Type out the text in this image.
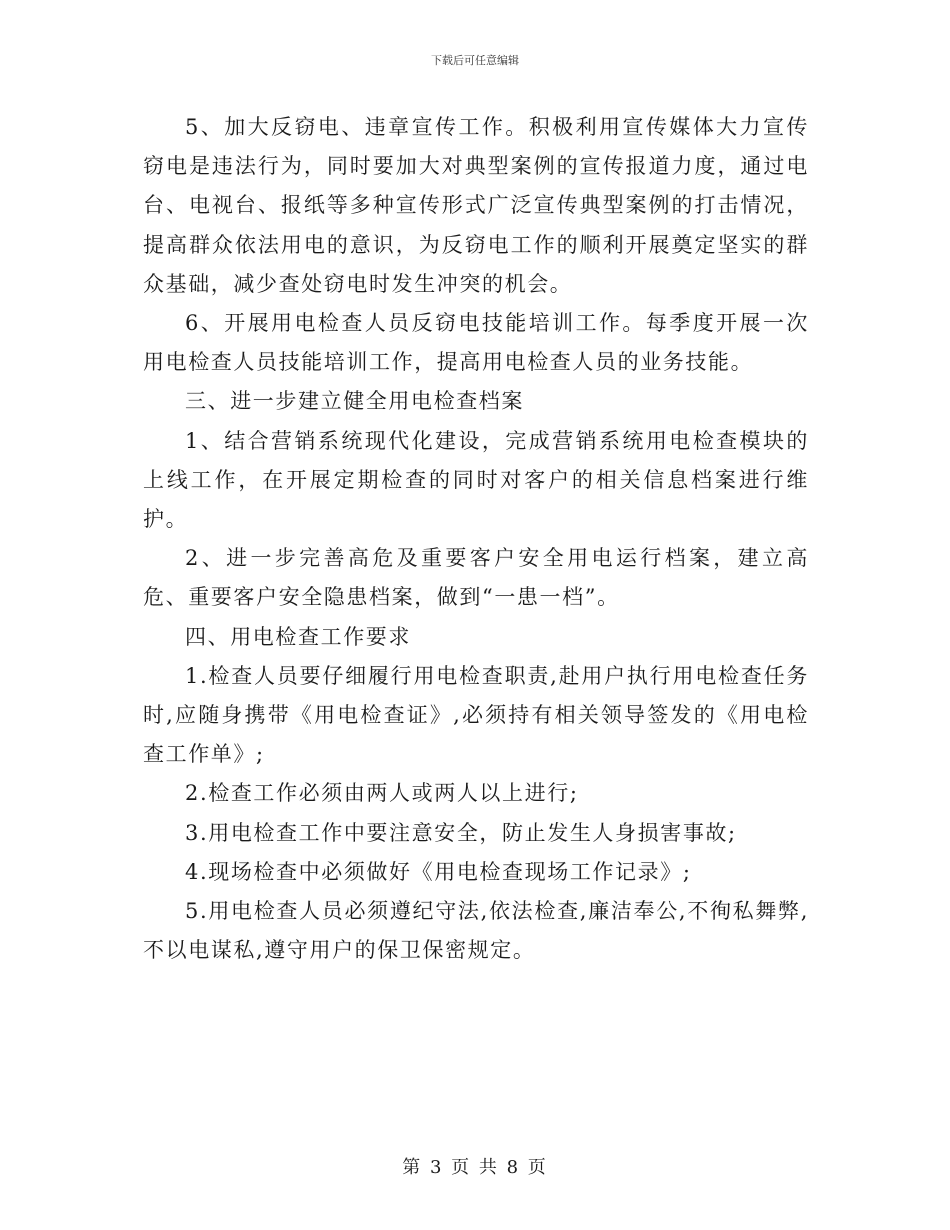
下载后可任意编辑

5、加大反窃电、违章宣传工作。积极利用宣传媒体大力宣传窃电是违法行为，同时要加大对典型案例的宣传报道力度，通过电台、电视台、报纸等多种宣传形式广泛宣传典型案例的打击情况，提高群众依法用电的意识，为反窃电工作的顺利开展奠定坚实的群众基础，减少查处窃电时发生冲突的机会。

6、开展用电检查人员反窃电技能培训工作。每季度开展一次用电检查人员技能培训工作，提高用电检查人员的业务技能。

三、进一步建立健全用电检查档案

1、结合营销系统现代化建设，完成营销系统用电检查模块的上线工作，在开展定期检查的同时对客户的相关信息档案进行维护。

2、进一步完善高危及重要客户安全用电运行档案，建立高危、重要客户安全隐患档案，做到“一患一档”。

四、用电检查工作要求

1.检查人员要仔细履行用电检查职责,赴用户执行用电检查任务时,应随身携带《用电检查证》,必须持有相关领导签发的《用电检查工作单》;

2.检查工作必须由两人或两人以上进行;

3.用电检查工作中要注意安全，防止发生人身损害事故;

4.现场检查中必须做好《用电检查现场工作记录》;

5.用电检查人员必须遵纪守法,依法检查,廉洁奉公,不徇私舞弊,不以电谋私,遵守用户的保卫保密规定。

第 3 页 共 8 页
